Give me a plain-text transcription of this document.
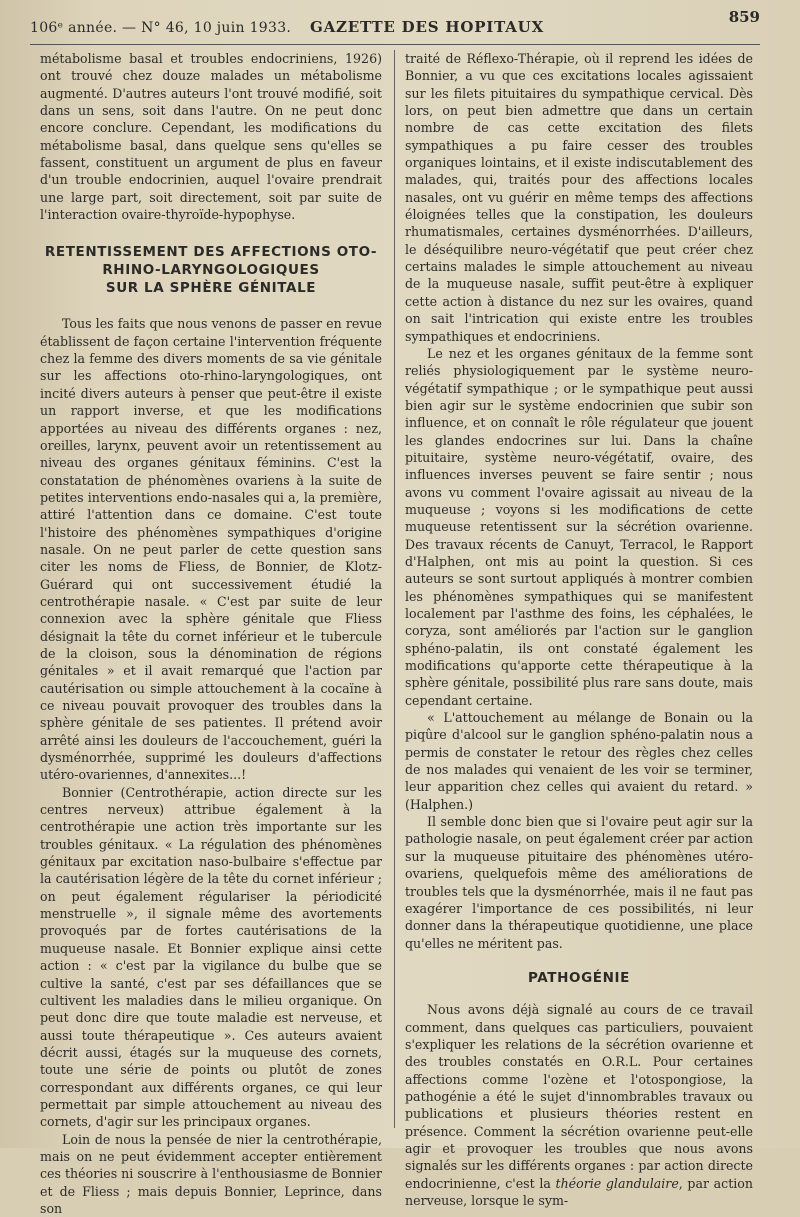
106ᵉ année. — N° 46, 10 juin 1933. GAZETTE DES HOPITAUX
859

métabolisme basal et troubles endocriniens, 1926) ont trouvé chez douze malades un métabolisme augmenté. D'autres auteurs l'ont trouvé modifié, soit dans un sens, soit dans l'autre. On ne peut donc encore conclure. Cependant, les modifications du métabolisme basal, dans quelque sens qu'elles se fassent, constituent un argument de plus en faveur d'un trouble endocrinien, auquel l'ovaire prendrait une large part, soit directement, soit par suite de l'interaction ovaire-thyroïde-hypophyse.

RETENTISSEMENT DES AFFECTIONS OTO-
RHINO-LARYNGOLOGIQUES
SUR LA SPHÈRE GÉNITALE

Tous les faits que nous venons de passer en revue établissent de façon certaine l'intervention fréquente chez la femme des divers moments de sa vie génitale sur les affections oto-rhino-laryngologiques, ont incité divers auteurs à penser que peut-être il existe un rapport inverse, et que les modifications apportées au niveau des différents organes : nez, oreilles, larynx, peuvent avoir un retentissement au niveau des organes génitaux féminins. C'est la constatation de phénomènes ovariens à la suite de petites interventions endo-nasales qui a, la première, attiré l'attention dans ce domaine. C'est toute l'histoire des phénomènes sympathiques d'origine nasale. On ne peut parler de cette question sans citer les noms de Fliess, de Bonnier, de Klotz-Guérard qui ont successivement étudié la centrothérapie nasale. « C'est par suite de leur connexion avec la sphère génitale que Fliess désignait la tête du cornet inférieur et le tubercule de la cloison, sous la dénomination de régions génitales » et il avait remarqué que l'action par cautérisation ou simple attouchement à la cocaïne à ce niveau pouvait provoquer des troubles dans la sphère génitale de ses patientes. Il prétend avoir arrêté ainsi les douleurs de l'accouchement, guéri la dysménorrhée, supprimé les douleurs d'affections utéro-ovariennes, d'annexites...!

Bonnier (Centrothérapie, action directe sur les centres nerveux) attribue également à la centrothérapie une action très importante sur les troubles génitaux. « La régulation des phénomènes génitaux par excitation naso-bulbaire s'effectue par la cautérisation légère de la tête du cornet inférieur ; on peut également régulariser la périodicité menstruelle », il signale même des avortements provoqués par de fortes cautérisations de la muqueuse nasale. Et Bonnier explique ainsi cette action : « c'est par la vigilance du bulbe que se cultive la santé, c'est par ses défaillances que se cultivent les maladies dans le milieu organique. On peut donc dire que toute maladie est nerveuse, et aussi toute thérapeutique ». Ces auteurs avaient décrit aussi, étagés sur la muqueuse des cornets, toute une série de points ou plutôt de zones correspondant aux différents organes, ce qui leur permettait par simple attouchement au niveau des cornets, d'agir sur les principaux organes.

Loin de nous la pensée de nier la centrothérapie, mais on ne peut évidemment accepter entièrement ces théories ni souscrire à l'enthousiasme de Bonnier et de Fliess ; mais depuis Bonnier, Leprince, dans son

traité de Réflexo-Thérapie, où il reprend les idées de Bonnier, a vu que ces excitations locales agissaient sur les filets pituitaires du sympathique cervical. Dès lors, on peut bien admettre que dans un certain nombre de cas cette excitation des filets sympathiques a pu faire cesser des troubles organiques lointains, et il existe indiscutablement des malades, qui, traités pour des affections locales nasales, ont vu guérir en même temps des affections éloignées telles que la constipation, les douleurs rhumatismales, certaines dysménorrhées. D'ailleurs, le déséquilibre neuro-végétatif que peut créer chez certains malades le simple attouchement au niveau de la muqueuse nasale, suffit peut-être à expliquer cette action à distance du nez sur les ovaires, quand on sait l'intrication qui existe entre les troubles sympathiques et endocriniens.

Le nez et les organes génitaux de la femme sont reliés physiologiquement par le système neuro-végétatif sympathique ; or le sympathique peut aussi bien agir sur le système endocrinien que subir son influence, et on connaît le rôle régulateur que jouent les glandes endocrines sur lui. Dans la chaîne pituitaire, système neuro-végétatif, ovaire, des influences inverses peuvent se faire sentir ; nous avons vu comment l'ovaire agissait au niveau de la muqueuse ; voyons si les modifications de cette muqueuse retentissent sur la sécrétion ovarienne. Des travaux récents de Canuyt, Terracol, le Rapport d'Halphen, ont mis au point la question. Si ces auteurs se sont surtout appliqués à montrer combien les phénomènes sympathiques qui se manifestent localement par l'asthme des foins, les céphalées, le coryza, sont améliorés par l'action sur le ganglion sphéno-palatin, ils ont constaté également les modifications qu'apporte cette thérapeutique à la sphère génitale, possibilité plus rare sans doute, mais cependant certaine.

« L'attouchement au mélange de Bonain ou la piqûre d'alcool sur le ganglion sphéno-palatin nous a permis de constater le retour des règles chez celles de nos malades qui venaient de les voir se terminer, leur apparition chez celles qui avaient du retard. » (Halphen.)

Il semble donc bien que si l'ovaire peut agir sur la pathologie nasale, on peut également créer par action sur la muqueuse pituitaire des phénomènes utéro-ovariens, quelquefois même des améliorations de troubles tels que la dysménorrhée, mais il ne faut pas exagérer l'importance de ces possibilités, ni leur donner dans la thérapeutique quotidienne, une place qu'elles ne méritent pas.

PATHOGÉNIE

Nous avons déjà signalé au cours de ce travail comment, dans quelques cas particuliers, pouvaient s'expliquer les relations de la sécrétion ovarienne et des troubles constatés en O.R.L. Pour certaines affections comme l'ozène et l'otospongiose, la pathogénie a été le sujet d'innombrables travaux ou publications et plusieurs théories restent en présence. Comment la sécrétion ovarienne peut-elle agir et provoquer les troubles que nous avons signalés sur les différents organes : par action directe endocrinienne, c'est la théorie glandulaire, par action nerveuse, lorsque le sym-
